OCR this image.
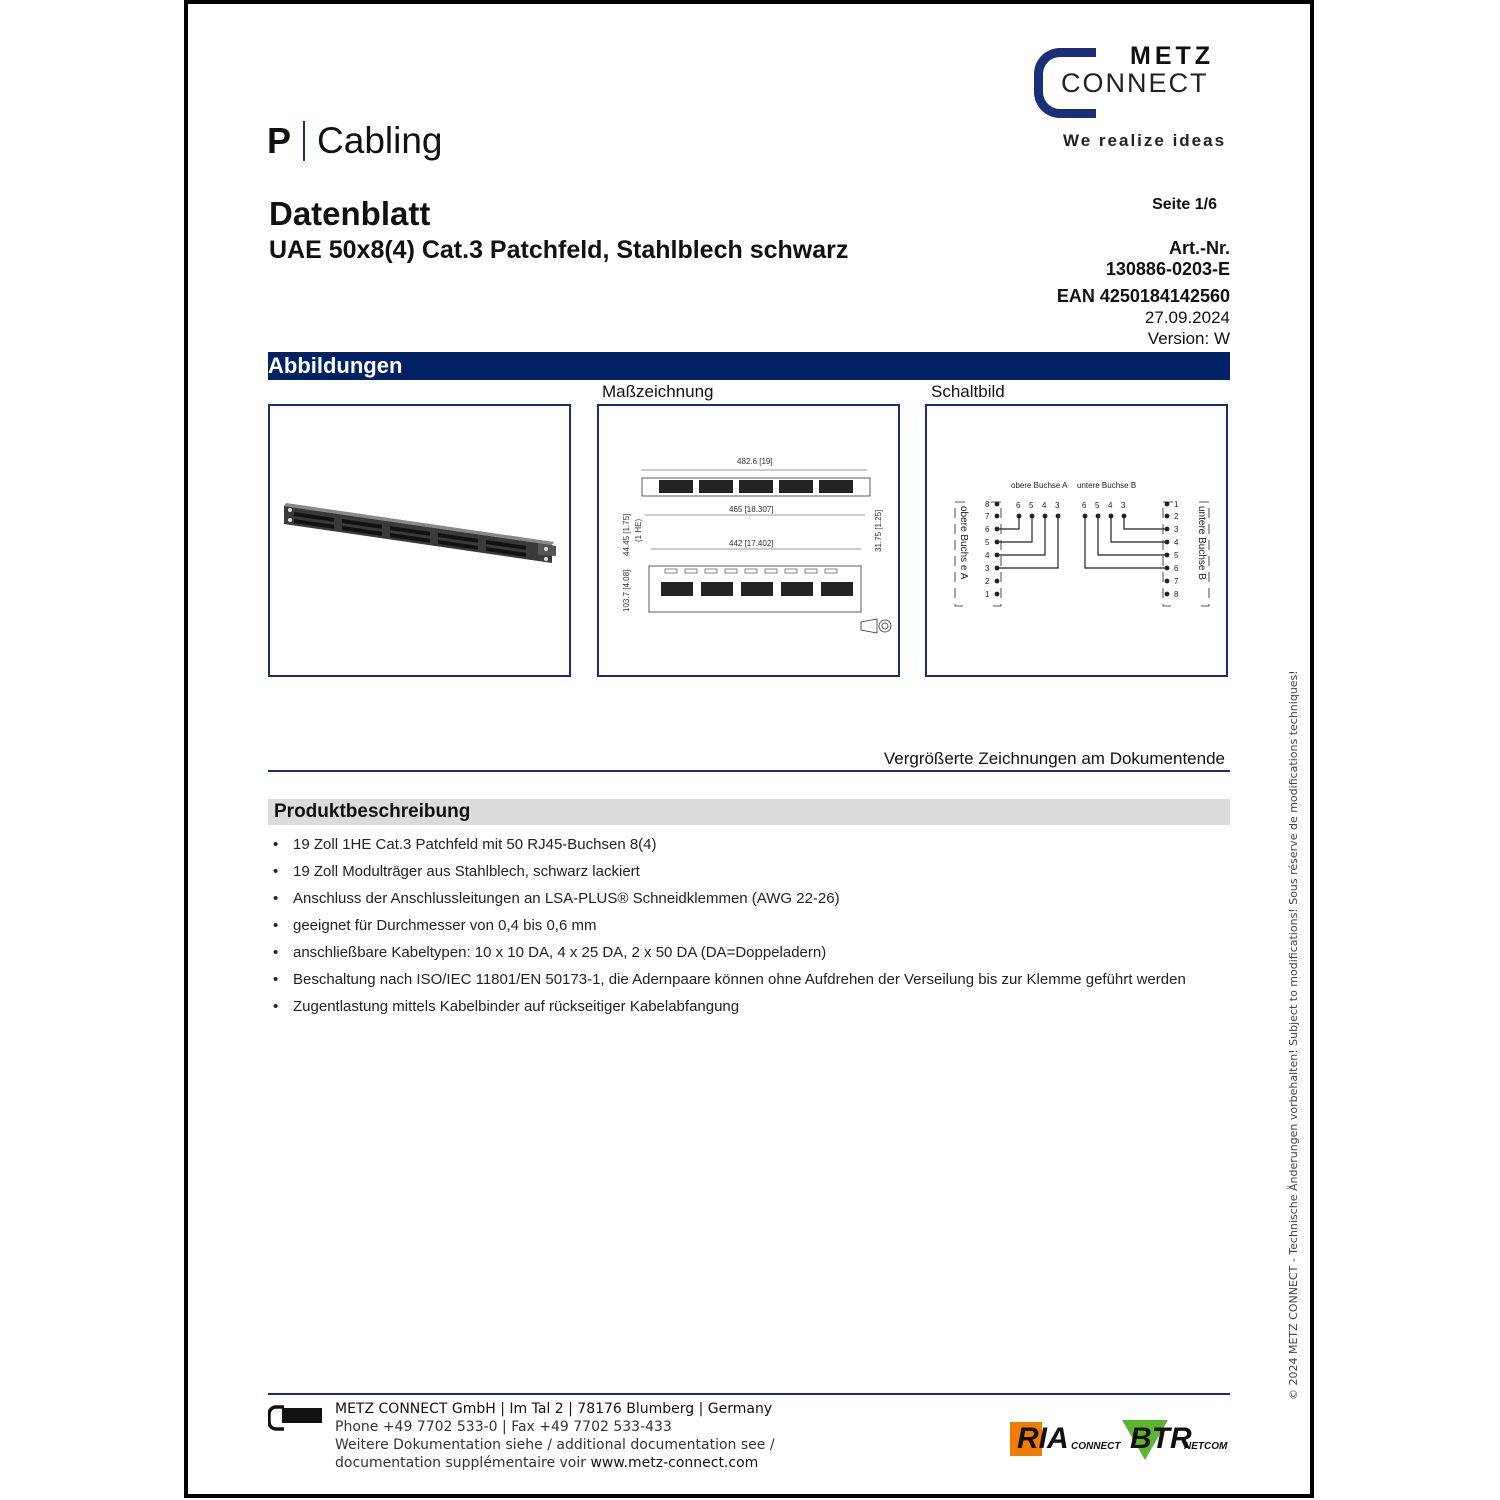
METZ
CONNECT
We realize ideas
P Cabling
Datenblatt
UAE 50x8(4) Cat.3 Patchfeld, Stahlblech schwarz
Seite 1/6
Art.-Nr.
130886-0203-E
EAN 4250184142560
27.09.2024
Version: W
Abbildungen
Maßzeichnung	Schaltbild
482.6 [19]
465 [18.307]
442 [17.402]
44.45 [1.75] (1 HE)	31.75 [1.25]
103.7 [4.08]
obere Buchse A untere Buchse B
8
7
6
5
4
3
2
1
1
2
3
4
5
6
7
8
6 5 4 3	6 5 4 3
obere Buchs e A	untere Buchse B
Vergrößerte Zeichnungen am Dokumentende
Produktbeschreibung
• 19 Zoll 1HE Cat.3 Patchfeld mit 50 RJ45-Buchsen 8(4)
• 19 Zoll Modulträger aus Stahlblech, schwarz lackiert
• Anschluss der Anschlussleitungen an LSA-PLUS® Schneidklemmen (AWG 22-26)
• geeignet für Durchmesser von 0,4 bis 0,6 mm
• anschließbare Kabeltypen: 10 x 10 DA, 4 x 25 DA, 2 x 50 DA (DA=Doppeladern)
• Beschaltung nach ISO/IEC 11801/EN 50173-1, die Adernpaare können ohne Aufdrehen der Verseilung bis zur Klemme geführt werden
• Zugentlastung mittels Kabelbinder auf rückseitiger Kabelabfangung
METZ CONNECT GmbH | Im Tal 2 | 78176 Blumberg | Germany
Phone +49 7702 533-0 | Fax +49 7702 533-433
Weitere Dokumentation siehe / additional documentation see /
documentation supplémentaire voir www.metz-connect.com
RIA CONNECT BTR
NETCOM
© 2024 METZ CONNECT - Technische Änderungen vorbehalten! Subject to modifications! Sous réserve de modifications techniques!
